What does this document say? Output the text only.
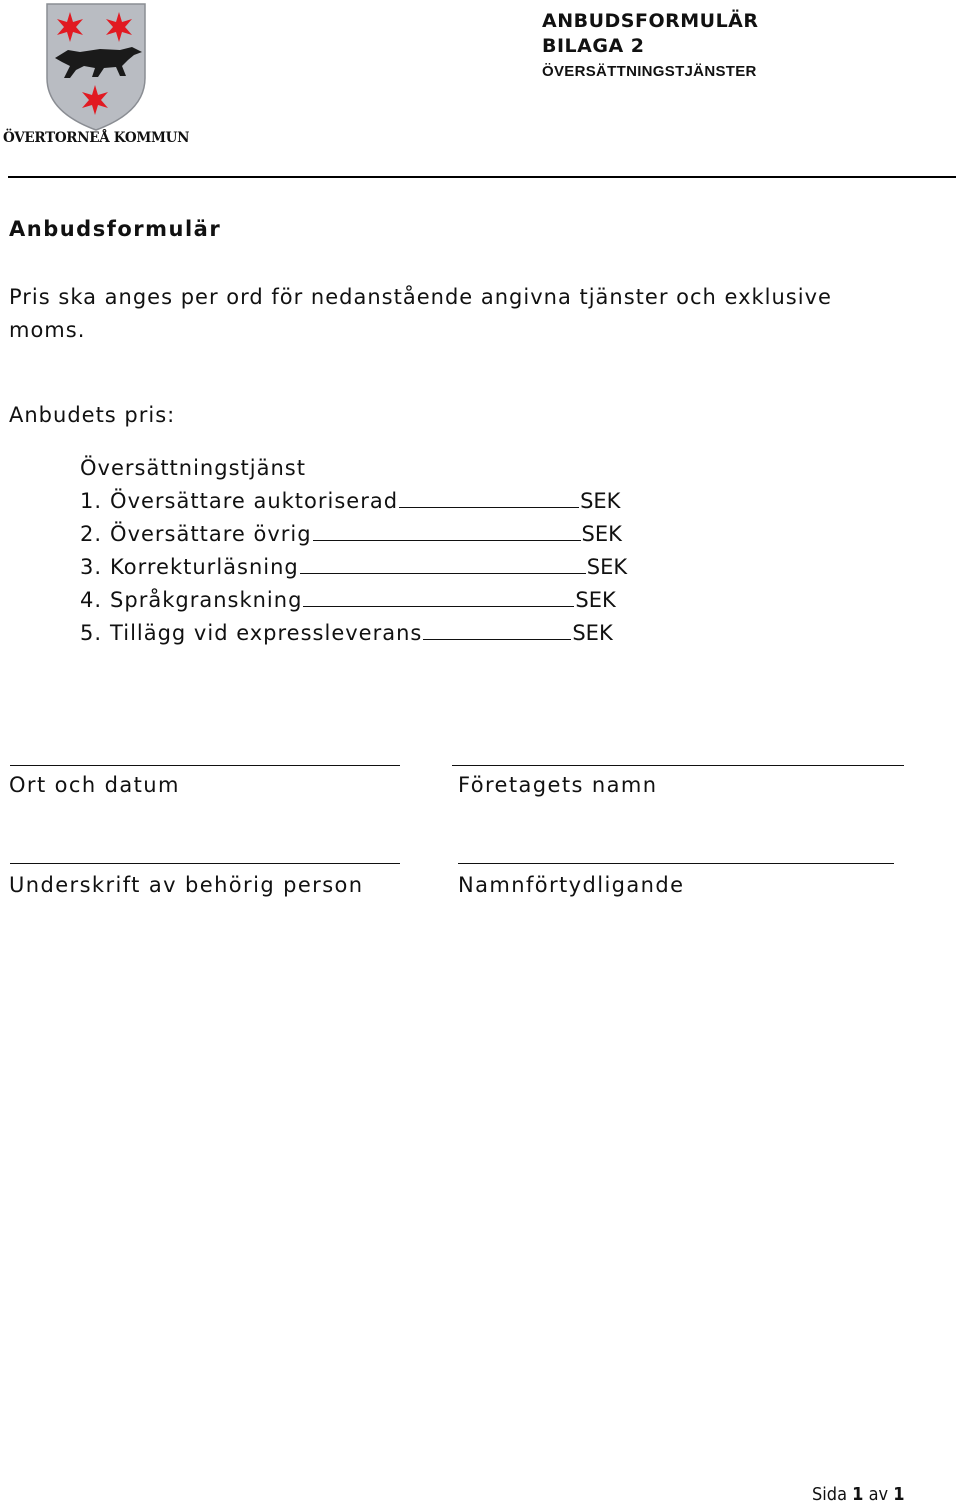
ÖVERTORNEÅ KOMMUN
ANBUDSFORMULÄR
BILAGA 2
ÖVERSÄTTNINGSTJÄNSTER
Anbudsformulär
Pris ska anges per ord för nedanstående angivna tjänster och exklusive moms.
Anbudets pris:
Översättningstjänst
1. Översättare auktoriserad	SEK
2. Översättare övrig	SEK
3. Korrekturläsning	SEK
4. Språkgranskning	SEK
5. Tillägg vid expressleverans	SEK
Ort och datum	Företagets namn
Underskrift av behörig person	Namnförtydligande
Sida 1 av 1
